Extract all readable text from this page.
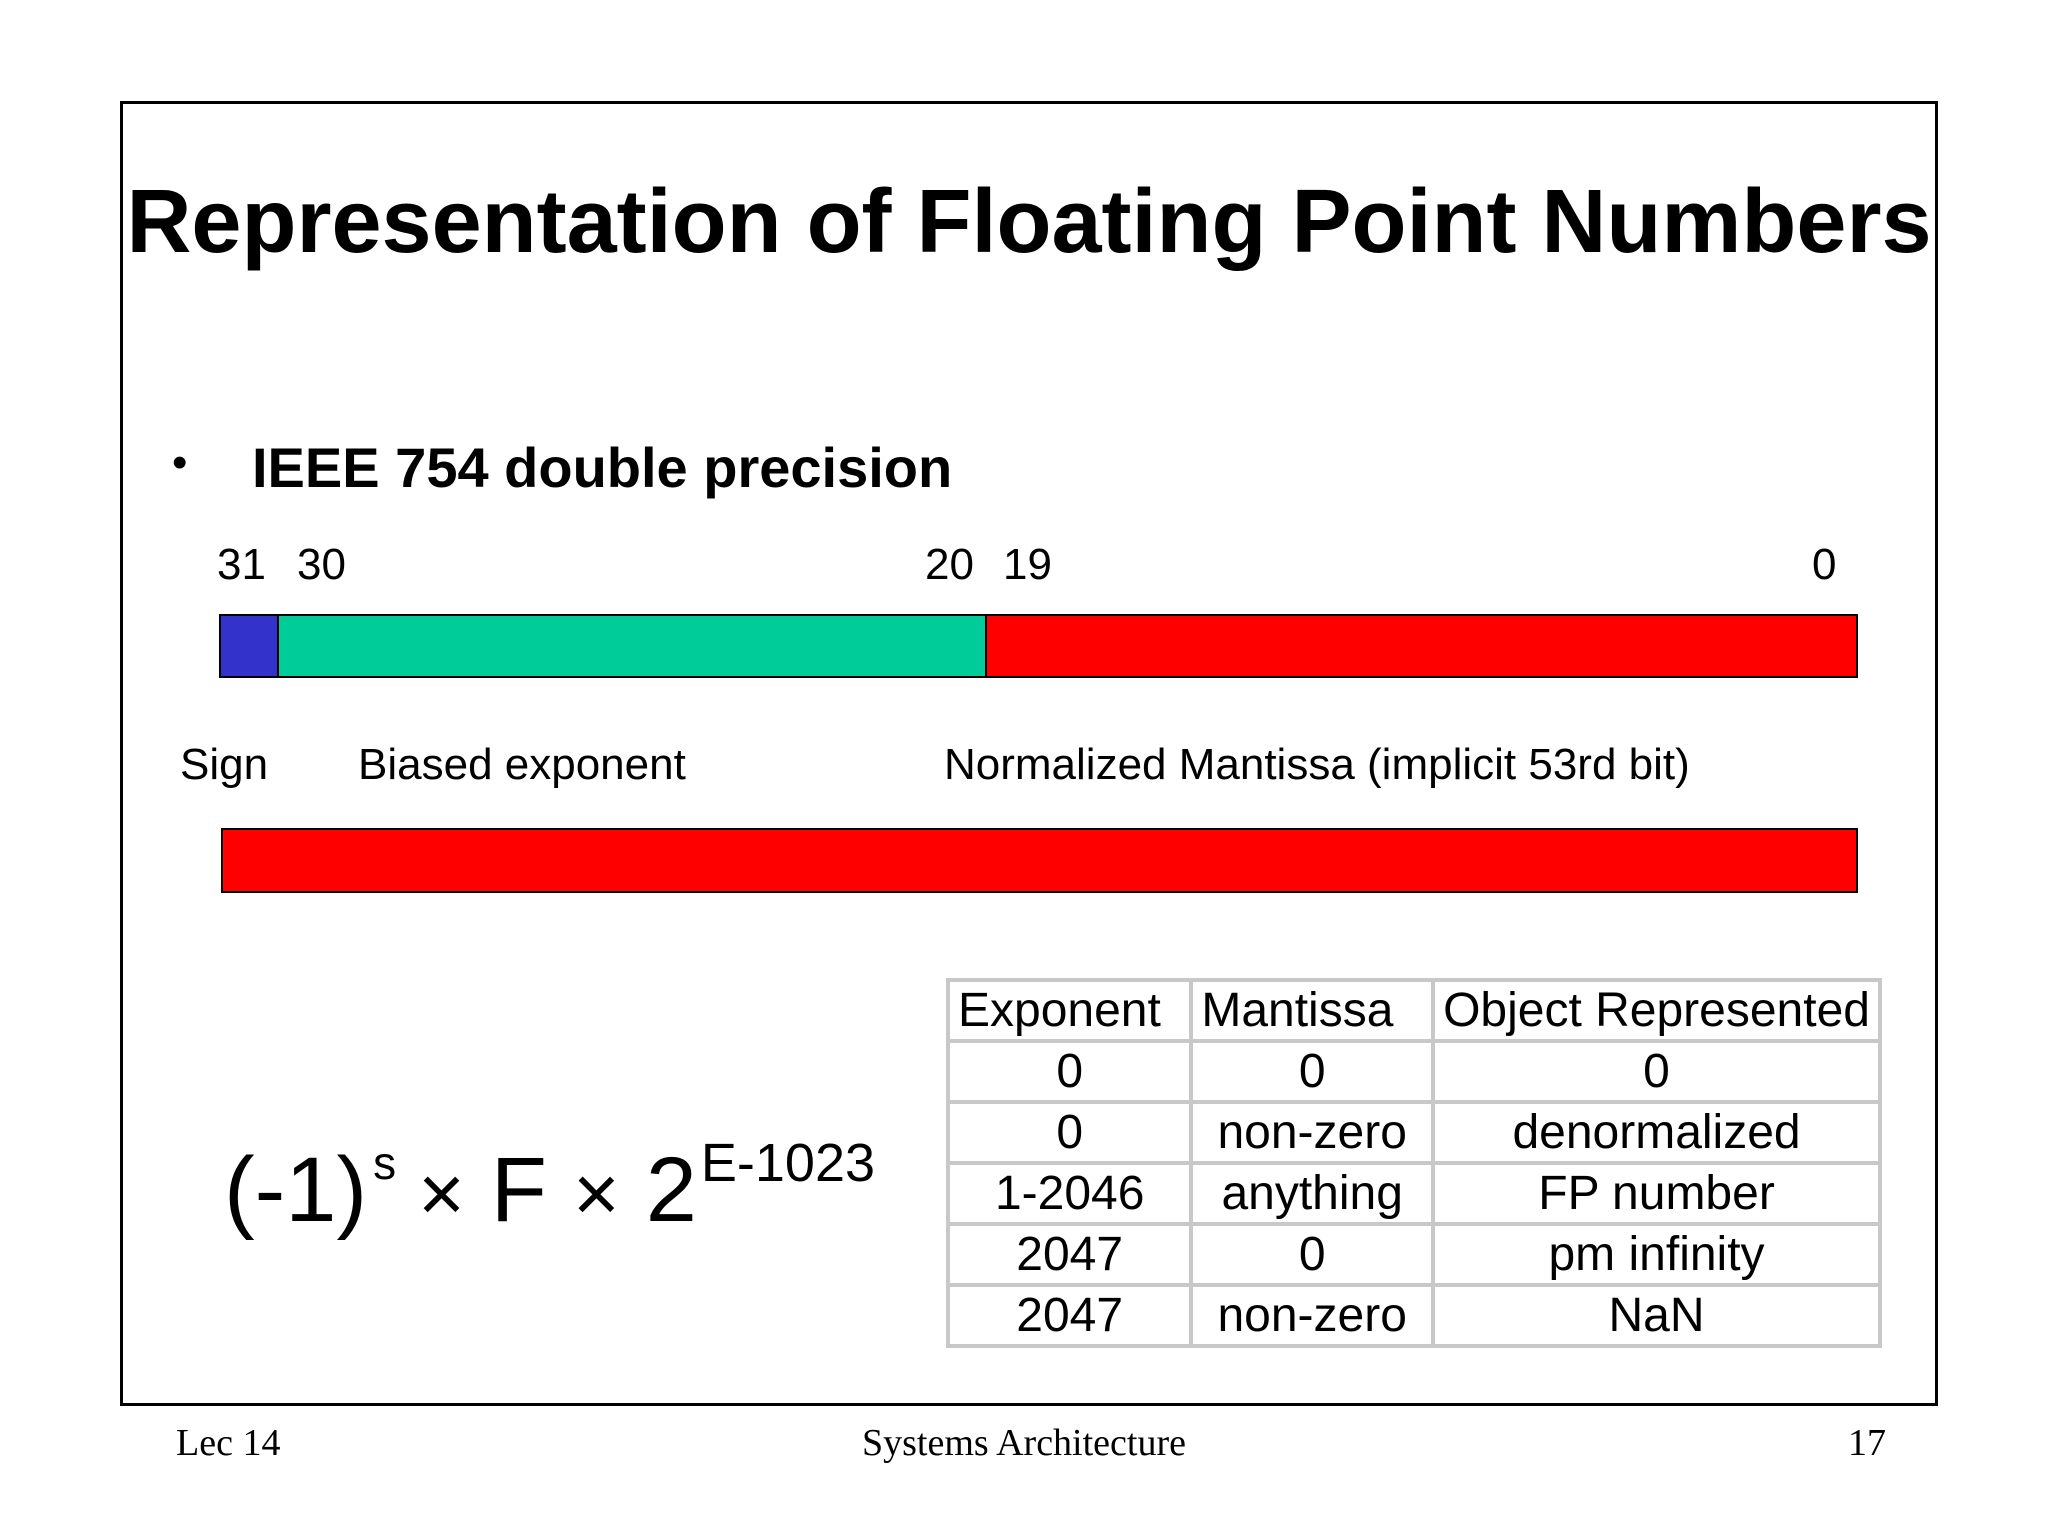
Representation of Floating Point Numbers
• IEEE 754 double precision
31 30	20 19	0
Sign Biased exponent	Normalized Mantissa (implicit 53rd bit)
(-1) $^s \times F \times 2^{E-1023}$
Exponent	Mantissa	Object Represented
0	0	0
0	non-zero	denormalized
1-2046	anything	FP number
2047	0	pm infinity
2047	non-zero	NaN
Lec 14	Systems Architecture	17
